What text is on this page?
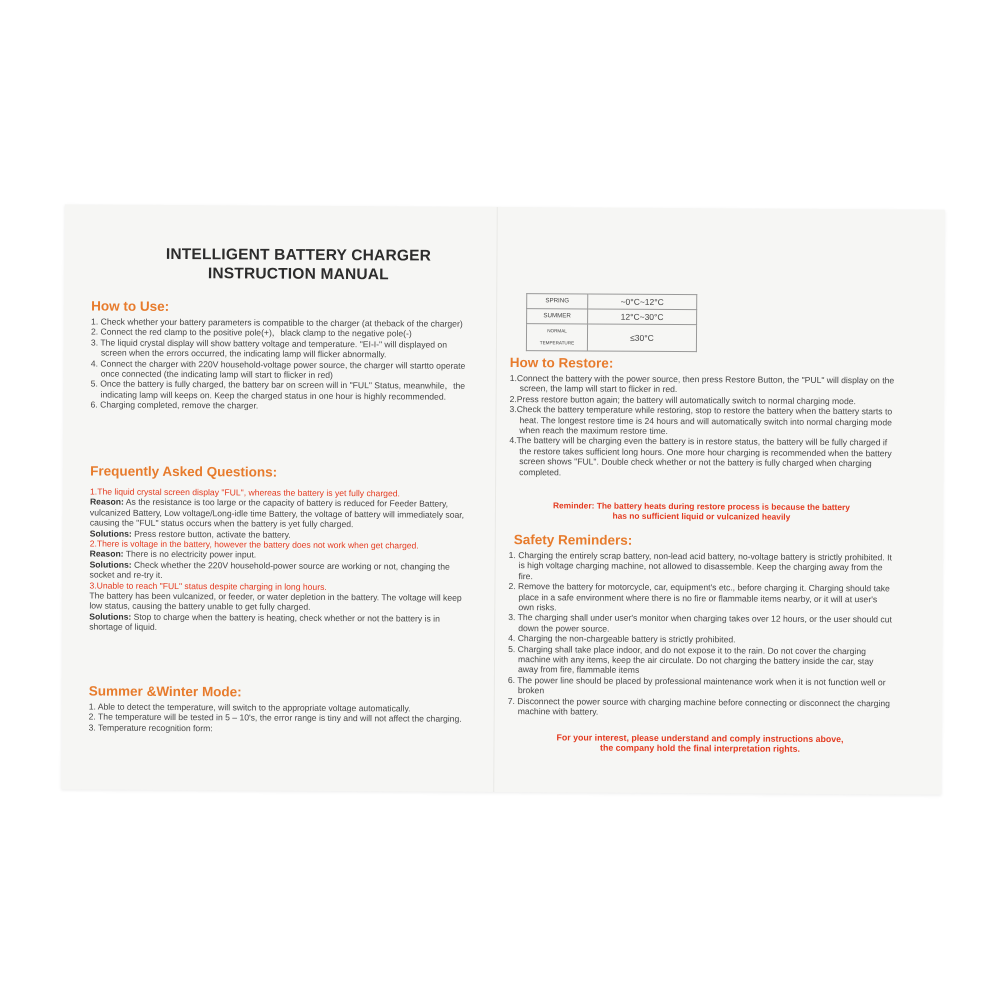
INTELLIGENT BATTERY CHARGER
INSTRUCTION MANUAL
How to Use:
1. Check whether your battery parameters is compatible to the charger (at theback of the charger)
2. Connect the red clamp to the positive pole(+)，black clamp to the negative pole(-)
3. The liquid crystal display will show battery voltage and temperature. "EI-I-" will displayed on screen when the errors occurred, the indicating lamp will flicker abnormally.
4. Connect the charger with 220V household-voltage power source, the charger will startto operate once connected (the indicating lamp will start to flicker in red)
5. Once the battery is fully charged, the battery bar on screen will in "FUL" Status, meanwhile，the indicating lamp will keeps on. Keep the charged status in one hour is highly recommended.
6. Charging completed, remove the charger.
Frequently Asked Questions:
1.The liquid crystal screen display "FUL", whereas the battery is yet fully charged.
Reason: As the resistance is too large or the capacity of battery is reduced for Feeder Battery, vulcanized Battery, Low voltage/Long-idle time Battery, the voltage of battery will immediately soar, causing the "FUL" status occurs when the battery is yet fully charged.
Solutions: Press restore button, activate the battery.
2.There is voltage in the battery, however the battery does not work when get charged.
Reason: There is no electricity power input.
Solutions: Check whether the 220V household-power source are working or not, changing the socket and re-try it.
3.Unable to reach "FUL" status despite charging in long hours.
The battery has been vulcanized, or feeder, or water depletion in the battery. The voltage will keep low status, causing the battery unable to get fully charged.
Solutions: Stop to charge when the battery is heating, check whether or not the battery is in shortage of liquid.
Summer &Winter Mode:
1. Able to detect the temperature, will switch to the appropriate voltage automatically.
2. The temperature will be tested in 5 – 10's, the error range is tiny and will not affect the charging.
3. Temperature recognition form:
SPRING	~0°C~12°C
SUMMER	12°C~30°C
NORMAL TEMPERATURE	≤30°C
How to Restore:
1.Connect the battery with the power source, then press Restore Button, the "PUL" will display on the screen, the lamp will start to flicker in red.
2.Press restore button again; the battery will automatically switch to normal charging mode.
3.Check the battery temperature while restoring, stop to restore the battery when the battery starts to heat. The longest restore time is 24 hours and will automatically switch into normal charging mode when reach the maximum restore time.
4.The battery will be charging even the battery is in restore status, the battery will be fully charged if the restore takes sufficient long hours. One more hour charging is recommended when the battery screen shows "FUL". Double check whether or not the battery is fully charged when charging completed.
Reminder: The battery heats during restore process is because the battery
has no sufficient liquid or vulcanized heavily
Safety Reminders:
1. Charging the entirely scrap battery, non-lead acid battery, no-voltage battery is strictly prohibited. It is high voltage charging machine, not allowed to disassemble. Keep the charging away from the fire.
2. Remove the battery for motorcycle, car, equipment's etc., before charging it. Charging should take place in a safe environment where there is no fire or flammable items nearby, or it will at user's own risks.
3. The charging shall under user's monitor when charging takes over 12 hours, or the user should cut down the power source.
4. Charging the non-chargeable battery is strictly prohibited.
5. Charging shall take place indoor, and do not expose it to the rain. Do not cover the charging machine with any items, keep the air circulate. Do not charging the battery inside the car, stay away from fire, flammable items
6. The power line should be placed by professional maintenance work when it is not function well or broken
7. Disconnect the power source with charging machine before connecting or disconnect the charging machine with battery.
For your interest, please understand and comply instructions above,
the company hold the final interpretation rights.
